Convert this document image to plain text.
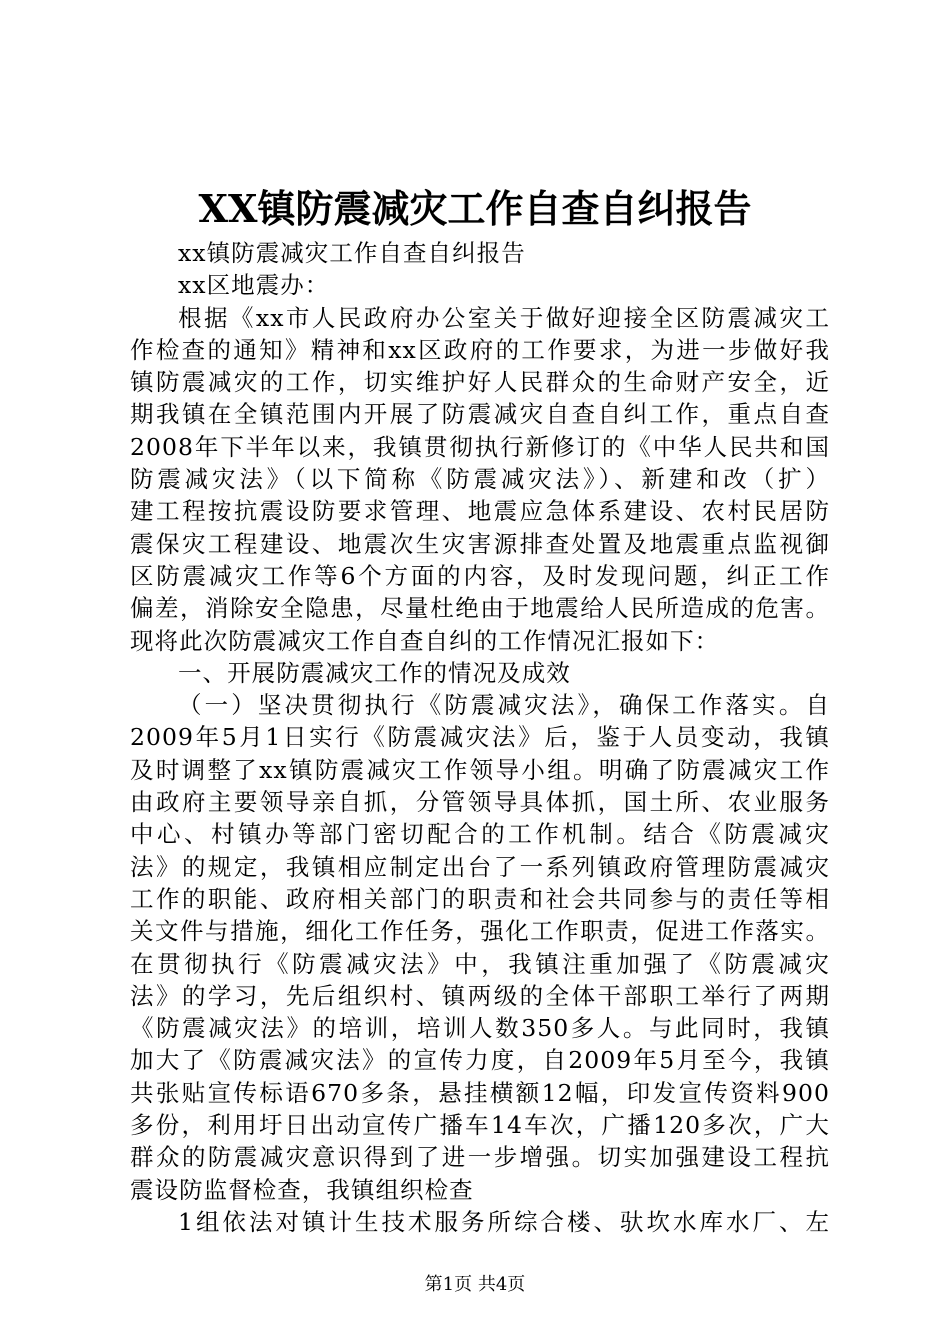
XX镇防震减灾工作自查自纠报告
xx镇防震减灾工作自查自纠报告
xx区地震办：
根据《xx市人民政府办公室关于做好迎接全区防震减灾工
作检查的通知》精神和xx区政府的工作要求，为进一步做好我
镇防震减灾的工作，切实维护好人民群众的生命财产安全，近
期我镇在全镇范围内开展了防震减灾自查自纠工作，重点自查
2008年下半年以来，我镇贯彻执行新修订的《中华人民共和国
防震减灾法》（以下简称《防震减灾法》）、新建和改（扩）
建工程按抗震设防要求管理、地震应急体系建设、农村民居防
震保灾工程建设、地震次生灾害源排查处置及地震重点监视御
区防震减灾工作等6个方面的内容，及时发现问题，纠正工作
偏差，消除安全隐患，尽量杜绝由于地震给人民所造成的危害。
现将此次防震减灾工作自查自纠的工作情况汇报如下：
一、开展防震减灾工作的情况及成效
（一）坚决贯彻执行《防震减灾法》，确保工作落实。自
2009年5月1日实行《防震减灾法》后，鉴于人员变动，我镇
及时调整了xx镇防震减灾工作领导小组。明确了防震减灾工作
由政府主要领导亲自抓，分管领导具体抓，国土所、农业服务
中心、村镇办等部门密切配合的工作机制。结合《防震减灾
法》的规定，我镇相应制定出台了一系列镇政府管理防震减灾
工作的职能、政府相关部门的职责和社会共同参与的责任等相
关文件与措施，细化工作任务，强化工作职责，促进工作落实。
在贯彻执行《防震减灾法》中，我镇注重加强了《防震减灾
法》的学习，先后组织村、镇两级的全体干部职工举行了两期
《防震减灾法》的培训，培训人数350多人。与此同时，我镇
加大了《防震减灾法》的宣传力度，自2009年5月至今，我镇
共张贴宣传标语670多条，悬挂横额12幅，印发宣传资料900
多份，利用圩日出动宣传广播车14车次，广播120多次，广大
群众的防震减灾意识得到了进一步增强。切实加强建设工程抗
震设防监督检查，我镇组织检查
1组依法对镇计生技术服务所综合楼、驮坎水库水厂、左
第1页 共4页
